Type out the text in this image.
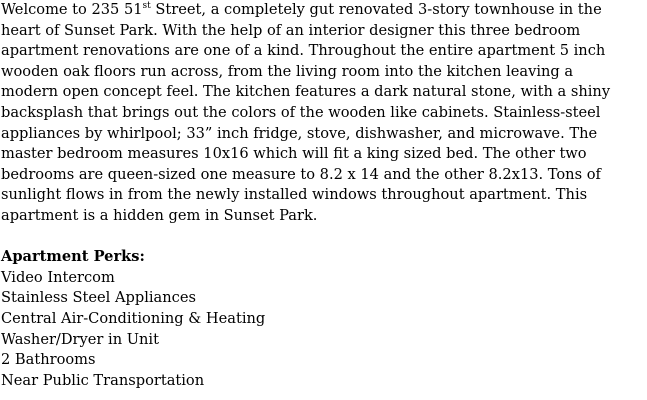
Welcome to 235 51st Street, a completely gut renovated 3-story townhouse in the
heart of Sunset Park. With the help of an interior designer this three bedroom
apartment renovations are one of a kind. Throughout the entire apartment 5 inch
wooden oak floors run across, from the living room into the kitchen leaving a
modern open concept feel. The kitchen features a dark natural stone, with a shiny
backsplash that brings out the colors of the wooden like cabinets. Stainless-steel
appliances by whirlpool; 33” inch fridge, stove, dishwasher, and microwave. The
master bedroom measures 10x16 which will fit a king sized bed. The other two
bedrooms are queen-sized one measure to 8.2 x 14 and the other 8.2x13. Tons of
sunlight flows in from the newly installed windows throughout apartment. This
apartment is a hidden gem in Sunset Park.
Apartment Perks:
Video Intercom
Stainless Steel Appliances
Central Air-Conditioning & Heating
Washer/Dryer in Unit
2 Bathrooms
Near Public Transportation
